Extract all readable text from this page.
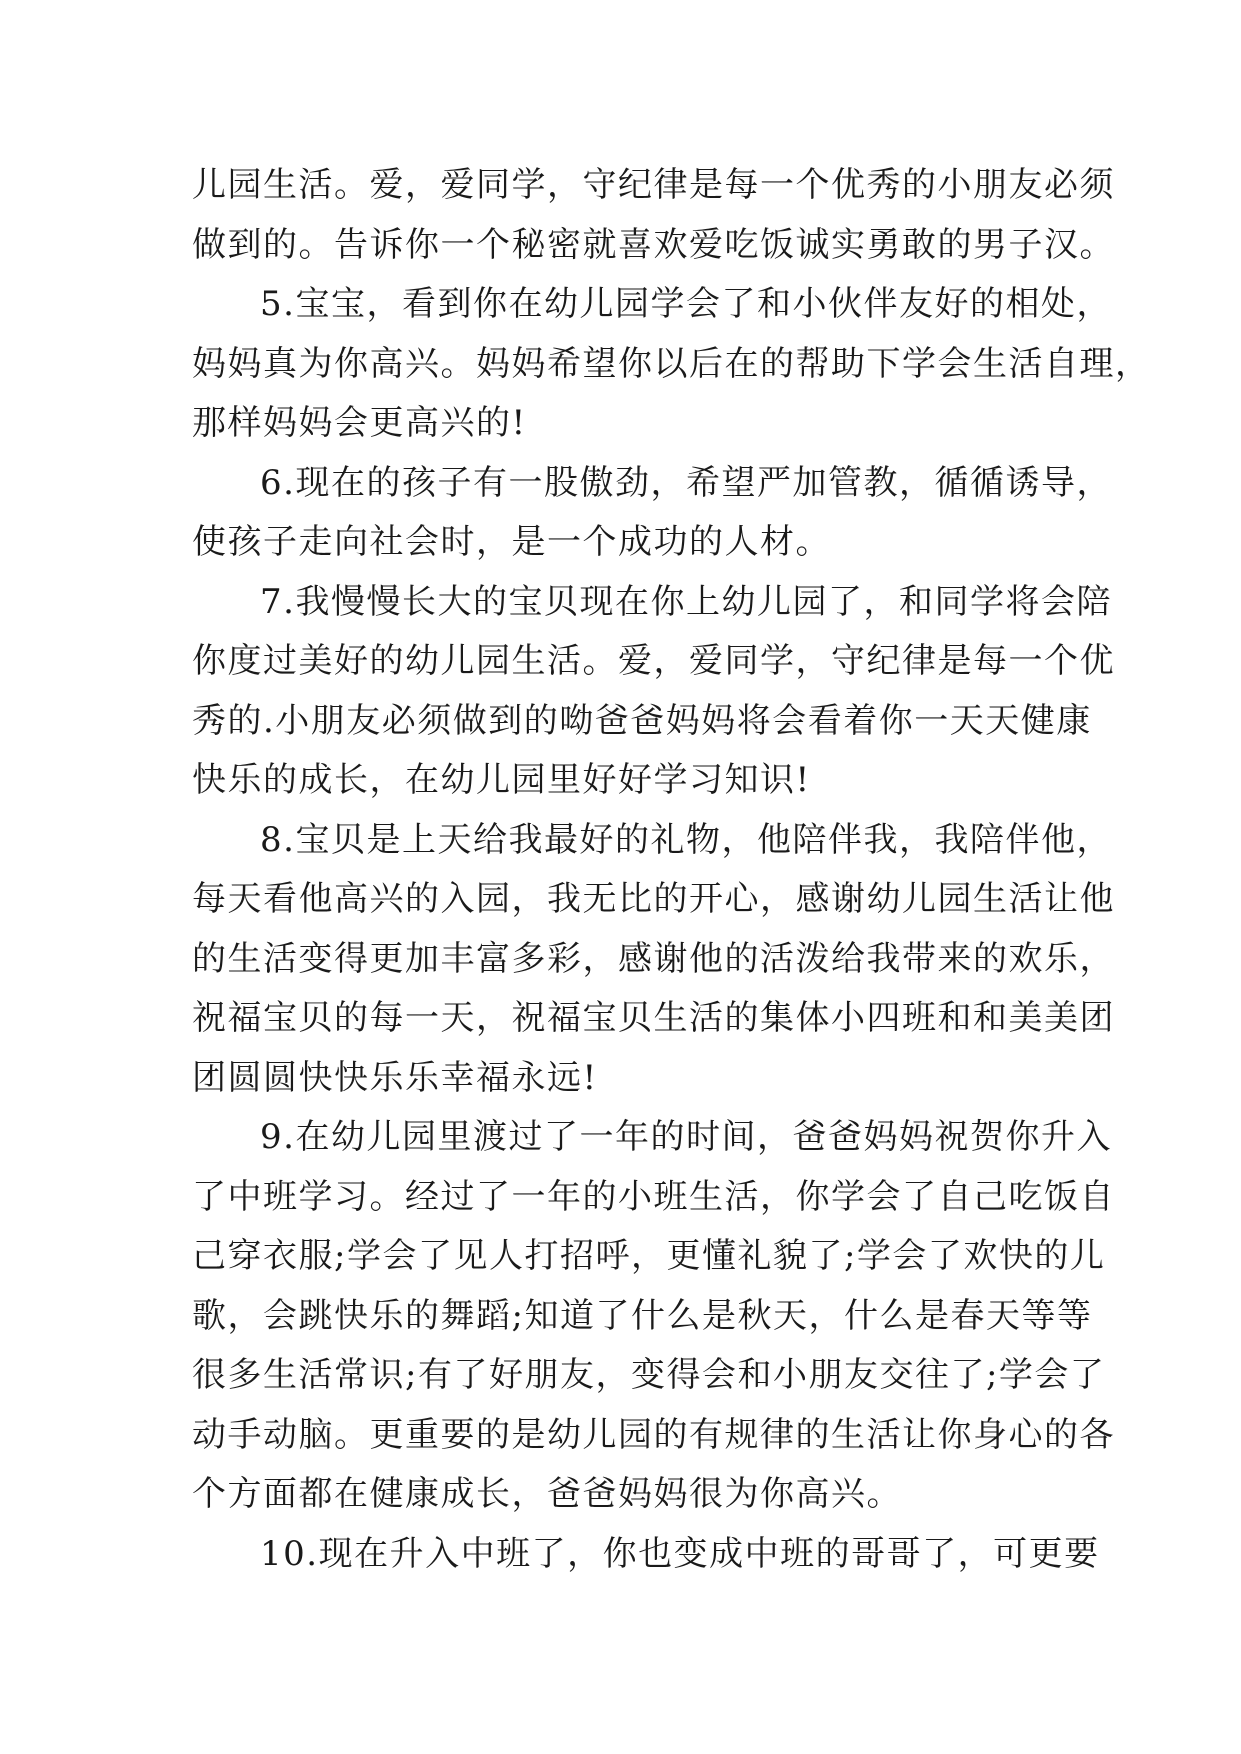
儿园生活。爱，爱同学，守纪律是每一个优秀的小朋友必须
做到的。告诉你一个秘密就喜欢爱吃饭诚实勇敢的男子汉。
5.宝宝，看到你在幼儿园学会了和小伙伴友好的相处，
妈妈真为你高兴。妈妈希望你以后在的帮助下学会生活自理，
那样妈妈会更高兴的!
6.现在的孩子有一股傲劲，希望严加管教，循循诱导，
使孩子走向社会时，是一个成功的人材。
7.我慢慢长大的宝贝现在你上幼儿园了，和同学将会陪
你度过美好的幼儿园生活。爱，爱同学，守纪律是每一个优
秀的.小朋友必须做到的呦爸爸妈妈将会看着你一天天健康
快乐的成长，在幼儿园里好好学习知识!
8.宝贝是上天给我最好的礼物，他陪伴我，我陪伴他，
每天看他高兴的入园，我无比的开心，感谢幼儿园生活让他
的生活变得更加丰富多彩，感谢他的活泼给我带来的欢乐，
祝福宝贝的每一天，祝福宝贝生活的集体小四班和和美美团
团圆圆快快乐乐幸福永远!
9.在幼儿园里渡过了一年的时间，爸爸妈妈祝贺你升入
了中班学习。经过了一年的小班生活，你学会了自己吃饭自
己穿衣服;学会了见人打招呼，更懂礼貌了;学会了欢快的儿
歌，会跳快乐的舞蹈;知道了什么是秋天，什么是春天等等
很多生活常识;有了好朋友，变得会和小朋友交往了;学会了
动手动脑。更重要的是幼儿园的有规律的生活让你身心的各
个方面都在健康成长，爸爸妈妈很为你高兴。
10.现在升入中班了，你也变成中班的哥哥了，可更要
